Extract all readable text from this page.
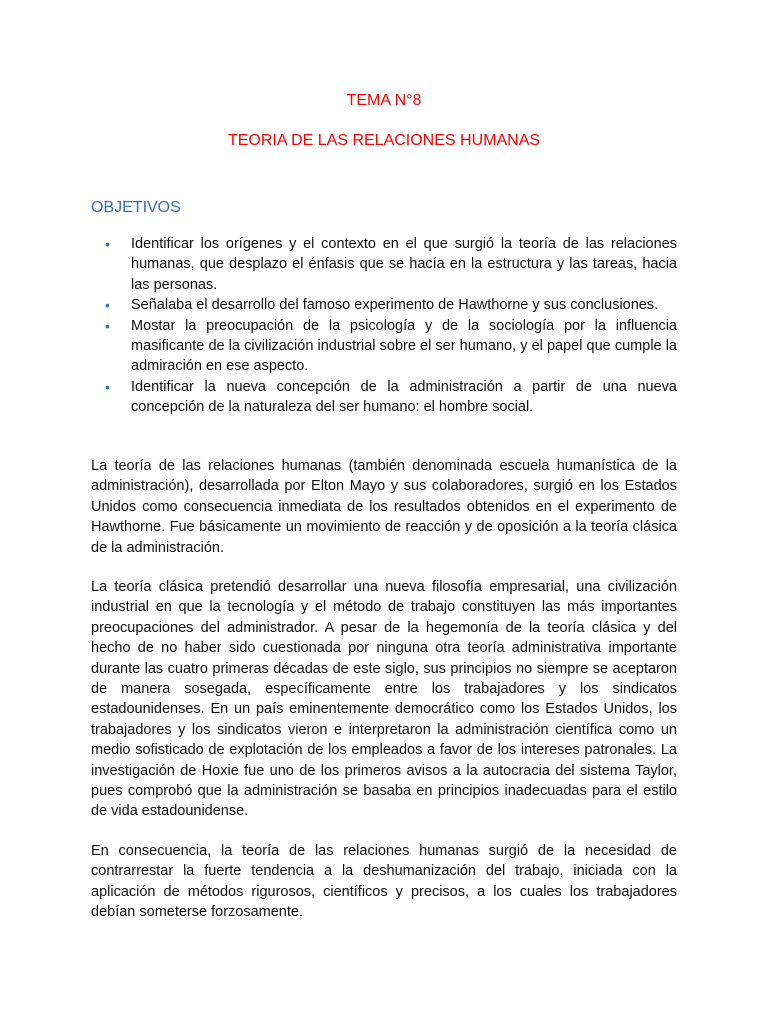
TEMA N°8
TEORIA DE LAS RELACIONES HUMANAS
OBJETIVOS
• Identificar los orígenes y el contexto en el que surgió la teoría de las relaciones humanas, que desplazo el énfasis que se hacía en la estructura y las tareas, hacia las personas.
• Señalaba el desarrollo del famoso experimento de Hawthorne y sus conclusiones.
• Mostar la preocupación de la psicología y de la sociología por la influencia masificante de la civilización industrial sobre el ser humano, y el papel que cumple la admiración en ese aspecto.
• Identificar la nueva concepción de la administración a partir de una nueva concepción de la naturaleza del ser humano: el hombre social.

La teoría de las relaciones humanas (también denominada escuela humanística de la administración), desarrollada por Elton Mayo y sus colaboradores, surgió en los Estados Unidos como consecuencia inmediata de los resultados obtenidos en el experimento de Hawthorne. Fue básicamente un movimiento de reacción y de oposición a la teoría clásica de la administración.

La teoría clásica pretendió desarrollar una nueva filosofía empresarial, una civilización industrial en que la tecnología y el método de trabajo constituyen las más importantes preocupaciones del administrador. A pesar de la hegemonía de la teoría clásica y del hecho de no haber sido cuestionada por ninguna otra teoría administrativa importante durante las cuatro primeras décadas de este siglo, sus principios no siempre se aceptaron de manera sosegada, específicamente entre los trabajadores y los sindicatos estadounidenses. En un país eminentemente democrático como los Estados Unidos, los trabajadores y los sindicatos vieron e interpretaron la administración científica como un medio sofisticado de explotación de los empleados a favor de los intereses patronales. La investigación de Hoxie fue uno de los primeros avisos a la autocracia del sistema Taylor, pues comprobó que la administración se basaba en principios inadecuadas para el estilo de vida estadounidense.

En consecuencia, la teoría de las relaciones humanas surgió de la necesidad de contrarrestar la fuerte tendencia a la deshumanización del trabajo, iniciada con la aplicación de métodos rigurosos, científicos y precisos, a los cuales los trabajadores debían someterse forzosamente.
